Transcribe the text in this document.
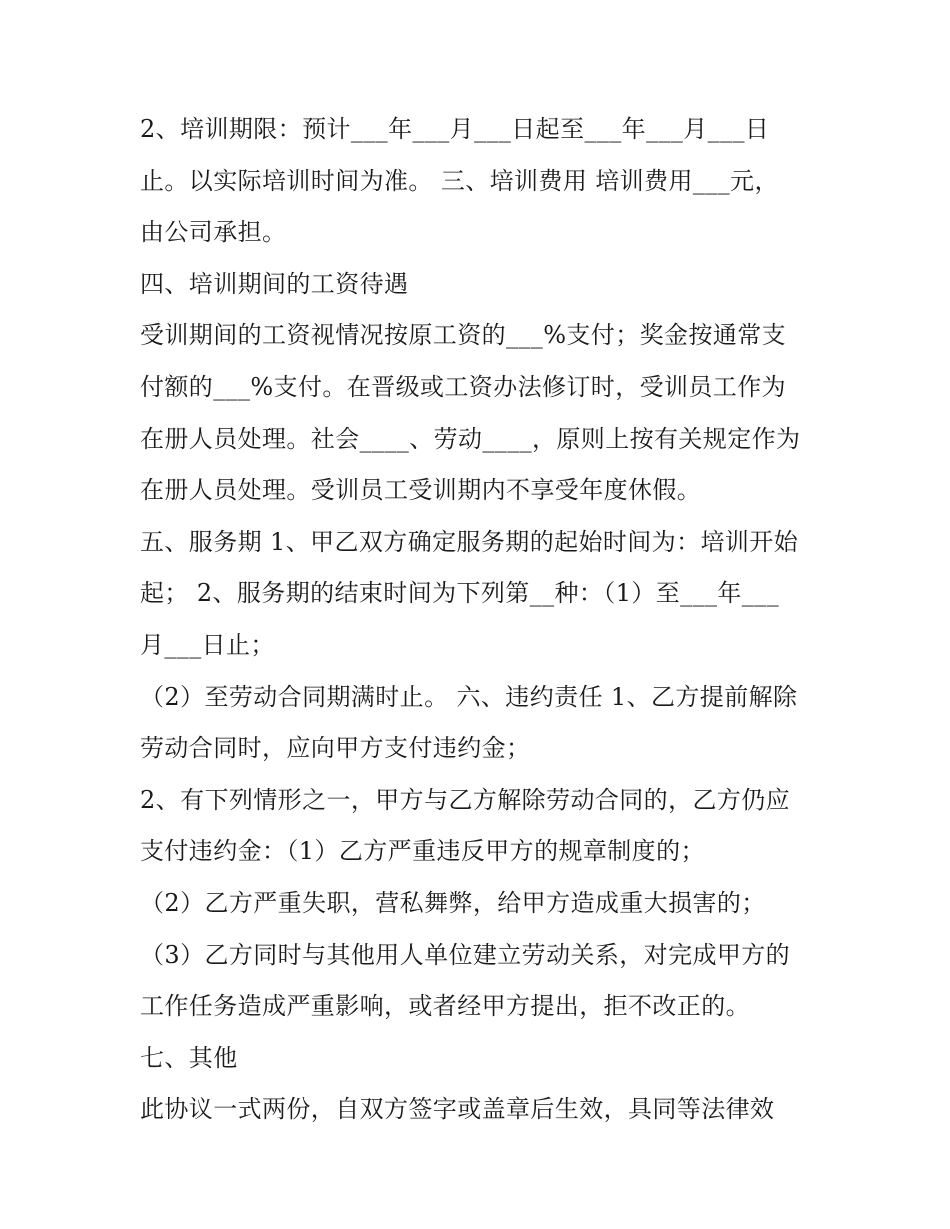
2、培训期限：预计___年___月___日起至___年___月___日
止。以实际培训时间为准。 三、培训费用 培训费用___元，
由公司承担。
四、培训期间的工资待遇
受训期间的工资视情况按原工资的___%支付；奖金按通常支
付额的___%支付。在晋级或工资办法修订时，受训员工作为
在册人员处理。社会____、劳动____，原则上按有关规定作为
在册人员处理。受训员工受训期内不享受年度休假。
五、服务期 1、甲乙双方确定服务期的起始时间为：培训开始
起； 2、服务期的结束时间为下列第__种：（1）至___年___
月___日止；
（2）至劳动合同期满时止。 六、违约责任 1、乙方提前解除
劳动合同时，应向甲方支付违约金；
2、有下列情形之一，甲方与乙方解除劳动合同的，乙方仍应
支付违约金：（1）乙方严重违反甲方的规章制度的；
（2）乙方严重失职，营私舞弊，给甲方造成重大损害的；
（3）乙方同时与其他用人单位建立劳动关系，对完成甲方的
工作任务造成严重影响，或者经甲方提出，拒不改正的。
七、其他
此协议一式两份，自双方签字或盖章后生效，具同等法律效
